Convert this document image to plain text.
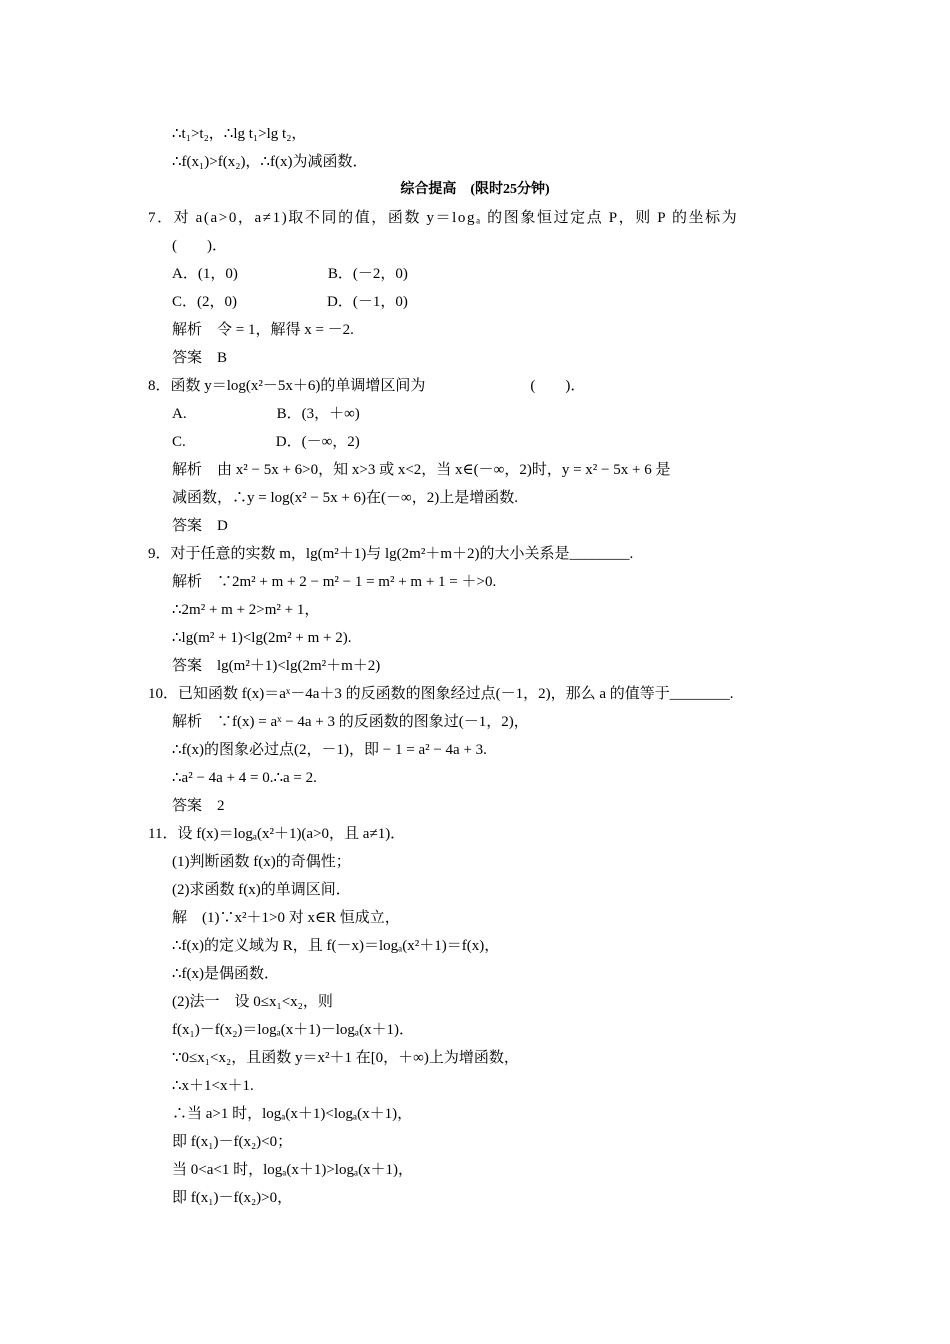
∴t₁>t₂，∴lg t₁>lg t₂，
∴f(x₁)>f(x₂)，∴f(x)为减函数．
综合提高　(限时25分钟)
7．对 a(a>0，a≠1)取不同的值，函数 y＝logₐ 的图象恒过定点 P，则 P 的坐标为
(　　)．
A．(1，0)　　　　　　B．(－2，0)
C．(2，0)　　　　　　D．(－1，0)
解析　令 = 1，解得 x = －2.
答案　B
8．函数 y＝log(x²－5x＋6)的单调增区间为　　　　　　　(　　)．
A.　　　　　　B．(3，＋∞)
C.　　　　　　D．(－∞，2)
解析　由 x² − 5x + 6>0，知 x>3 或 x<2，当 x∈(－∞，2)时，y = x² − 5x + 6 是
减函数，∴y = log(x² − 5x + 6)在(－∞，2)上是增函数.
答案　D
9．对于任意的实数 m，lg(m²＋1)与 lg(2m²＋m＋2)的大小关系是________.
解析　∵2m² + m + 2 − m² − 1 = m² + m + 1 = ＋>0.
∴2m² + m + 2>m² + 1，
∴lg(m² + 1)<lg(2m² + m + 2).
答案　lg(m²＋1)<lg(2m²＋m＋2)
10．已知函数 f(x)＝aˣ－4a＋3 的反函数的图象经过点(－1，2)，那么 a 的值等于________.
解析　∵f(x) = aˣ − 4a + 3 的反函数的图象过(－1，2)，
∴f(x)的图象必过点(2，－1)，即 − 1 = a² − 4a + 3.
∴a² − 4a + 4 = 0.∴a = 2.
答案　2
11．设 f(x)＝logₐ(x²＋1)(a>0，且 a≠1)．
(1)判断函数 f(x)的奇偶性；
(2)求函数 f(x)的单调区间．
解　(1)∵x²＋1>0 对 x∈R 恒成立，
∴f(x)的定义域为 R，且 f(－x)＝logₐ(x²＋1)＝f(x)，
∴f(x)是偶函数．
(2)法一　设 0≤x₁<x₂，则
f(x₁)－f(x₂)＝logₐ(x＋1)－logₐ(x＋1)．
∵0≤x₁<x₂，且函数 y＝x²＋1 在[0，＋∞)上为增函数，
∴x＋1<x＋1.
∴当 a>1 时，logₐ(x＋1)<logₐ(x＋1)，
即 f(x₁)－f(x₂)<0；
当 0<a<1 时，logₐ(x＋1)>logₐ(x＋1)，
即 f(x₁)－f(x₂)>0，
